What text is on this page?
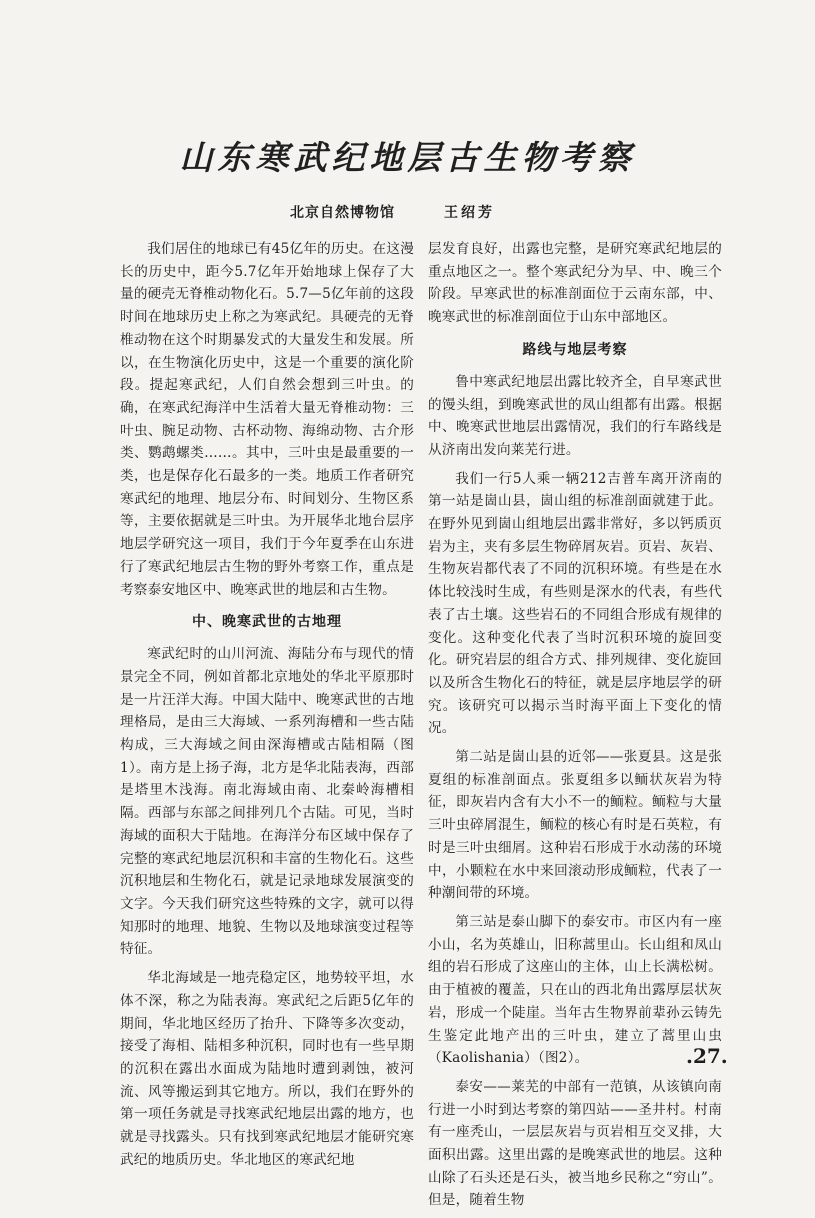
山东寒武纪地层古生物考察
北京自然博物馆	王绍芳

我们居住的地球已有45亿年的历史。在这漫长的历史中，距今5.7亿年开始地球上保存了大量的硬壳无脊椎动物化石。5.7—5亿年前的这段时间在地球历史上称之为寒武纪。具硬壳的无脊椎动物在这个时期暴发式的大量发生和发展。所以，在生物演化历史中，这是一个重要的演化阶段。提起寒武纪，人们自然会想到三叶虫。的确，在寒武纪海洋中生活着大量无脊椎动物：三叶虫、腕足动物、古杯动物、海绵动物、古介形类、鹦鹉螺类……。其中，三叶虫是最重要的一类，也是保存化石最多的一类。地质工作者研究寒武纪的地理、地层分布、时间划分、生物区系等，主要依据就是三叶虫。为开展华北地台层序地层学研究这一项目，我们于今年夏季在山东进行了寒武纪地层古生物的野外考察工作，重点是考察泰安地区中、晚寒武世的地层和古生物。

中、晚寒武世的古地理

寒武纪时的山川河流、海陆分布与现代的情景完全不同，例如首都北京地处的华北平原那时是一片汪洋大海。中国大陆中、晚寒武世的古地理格局，是由三大海域、一系列海槽和一些古陆构成，三大海域之间由深海槽或古陆相隔（图1）。南方是上扬子海，北方是华北陆表海，西部是塔里木浅海。南北海域由南、北秦岭海槽相隔。西部与东部之间排列几个古陆。可见，当时海域的面积大于陆地。在海洋分布区域中保存了完整的寒武纪地层沉积和丰富的生物化石。这些沉积地层和生物化石，就是记录地球发展演变的文字。今天我们研究这些特殊的文字，就可以得知那时的地理、地貌、生物以及地球演变过程等特征。

华北海域是一地壳稳定区，地势较平坦，水体不深，称之为陆表海。寒武纪之后距5亿年的期间，华北地区经历了抬升、下降等多次变动，接受了海相、陆相多种沉积，同时也有一些早期的沉积在露出水面成为陆地时遭到剥蚀，被河流、风等搬运到其它地方。所以，我们在野外的第一项任务就是寻找寒武纪地层出露的地方，也就是寻找露头。只有找到寒武纪地层才能研究寒武纪的地质历史。华北地区的寒武纪地

层发育良好，出露也完整，是研究寒武纪地层的重点地区之一。整个寒武纪分为早、中、晚三个阶段。早寒武世的标准剖面位于云南东部，中、晚寒武世的标准剖面位于山东中部地区。

路线与地层考察

鲁中寒武纪地层出露比较齐全，自早寒武世的馒头组，到晚寒武世的凤山组都有出露。根据中、晚寒武世地层出露情况，我们的行车路线是从济南出发向莱芜行进。

我们一行5人乘一辆212吉普车离开济南的第一站是崮山县，崮山组的标准剖面就建于此。在野外见到崮山组地层出露非常好，多以钙质页岩为主，夹有多层生物碎屑灰岩。页岩、灰岩、生物灰岩都代表了不同的沉积环境。有些是在水体比较浅时生成，有些则是深水的代表，有些代表了古土壤。这些岩石的不同组合形成有规律的变化。这种变化代表了当时沉积环境的旋回变化。研究岩层的组合方式、排列规律、变化旋回以及所含生物化石的特征，就是层序地层学的研究。该研究可以揭示当时海平面上下变化的情况。

第二站是崮山县的近邻——张夏县。这是张夏组的标准剖面点。张夏组多以鲕状灰岩为特征，即灰岩内含有大小不一的鲕粒。鲕粒与大量三叶虫碎屑混生，鲕粒的核心有时是石英粒，有时是三叶虫细屑。这种岩石形成于水动荡的环境中，小颗粒在水中来回滚动形成鲕粒，代表了一种潮间带的环境。

第三站是泰山脚下的泰安市。市区内有一座小山，名为英雄山，旧称蒿里山。长山组和凤山组的岩石形成了这座山的主体，山上长满松树。由于植被的覆盖，只在山的西北角出露厚层状灰岩，形成一个陡崖。当年古生物界前辈孙云铸先生鉴定此地产出的三叶虫，建立了蒿里山虫（Kaolishania）（图2）。

泰安——莱芜的中部有一范镇，从该镇向南行进一小时到达考察的第四站——圣井村。村南有一座秃山，一层层灰岩与页岩相互交叉排，大面积出露。这里出露的是晚寒武世的地层。这种山除了石头还是石头，被当地乡民称之“穷山”。但是，随着生物

.27.
